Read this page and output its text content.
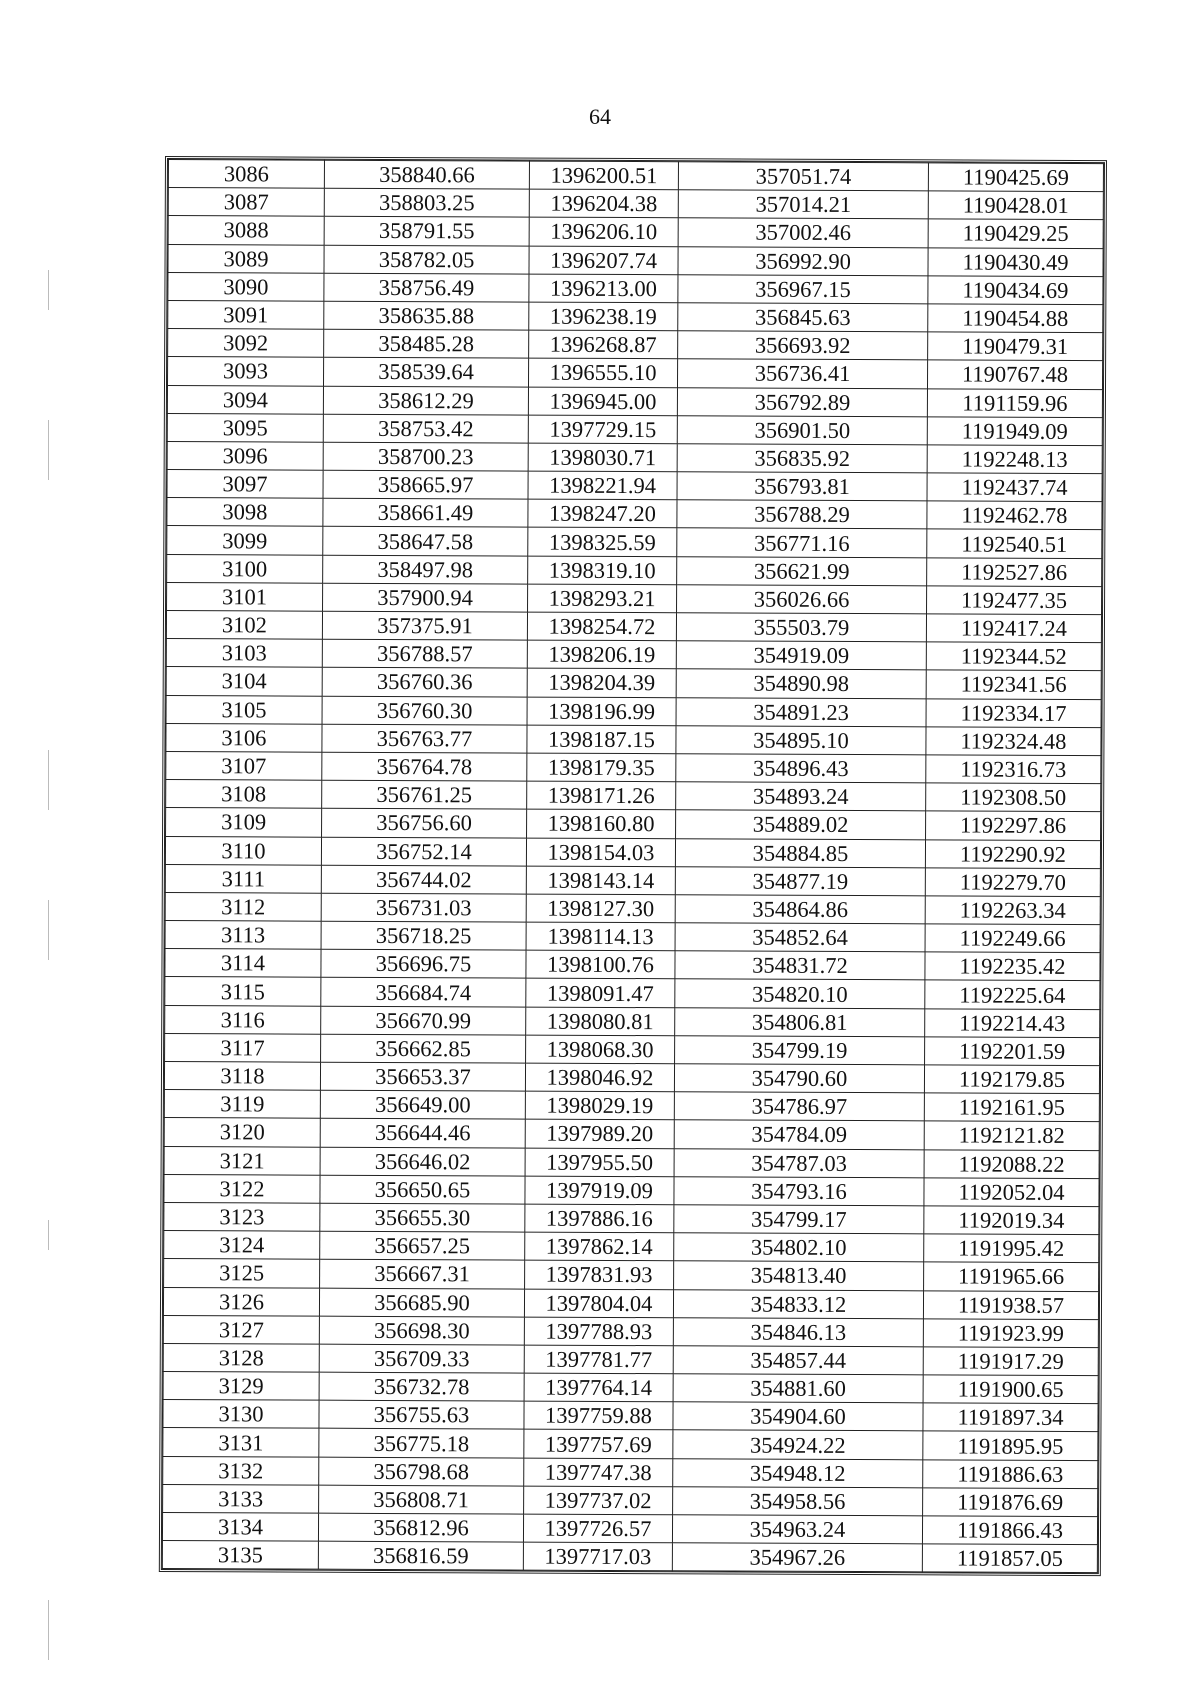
64
3086	358840.66	1396200.51	357051.74	1190425.69
3087	358803.25	1396204.38	357014.21	1190428.01
3088	358791.55	1396206.10	357002.46	1190429.25
3089	358782.05	1396207.74	356992.90	1190430.49
3090	358756.49	1396213.00	356967.15	1190434.69
3091	358635.88	1396238.19	356845.63	1190454.88
3092	358485.28	1396268.87	356693.92	1190479.31
3093	358539.64	1396555.10	356736.41	1190767.48
3094	358612.29	1396945.00	356792.89	1191159.96
3095	358753.42	1397729.15	356901.50	1191949.09
3096	358700.23	1398030.71	356835.92	1192248.13
3097	358665.97	1398221.94	356793.81	1192437.74
3098	358661.49	1398247.20	356788.29	1192462.78
3099	358647.58	1398325.59	356771.16	1192540.51
3100	358497.98	1398319.10	356621.99	1192527.86
3101	357900.94	1398293.21	356026.66	1192477.35
3102	357375.91	1398254.72	355503.79	1192417.24
3103	356788.57	1398206.19	354919.09	1192344.52
3104	356760.36	1398204.39	354890.98	1192341.56
3105	356760.30	1398196.99	354891.23	1192334.17
3106	356763.77	1398187.15	354895.10	1192324.48
3107	356764.78	1398179.35	354896.43	1192316.73
3108	356761.25	1398171.26	354893.24	1192308.50
3109	356756.60	1398160.80	354889.02	1192297.86
3110	356752.14	1398154.03	354884.85	1192290.92
3111	356744.02	1398143.14	354877.19	1192279.70
3112	356731.03	1398127.30	354864.86	1192263.34
3113	356718.25	1398114.13	354852.64	1192249.66
3114	356696.75	1398100.76	354831.72	1192235.42
3115	356684.74	1398091.47	354820.10	1192225.64
3116	356670.99	1398080.81	354806.81	1192214.43
3117	356662.85	1398068.30	354799.19	1192201.59
3118	356653.37	1398046.92	354790.60	1192179.85
3119	356649.00	1398029.19	354786.97	1192161.95
3120	356644.46	1397989.20	354784.09	1192121.82
3121	356646.02	1397955.50	354787.03	1192088.22
3122	356650.65	1397919.09	354793.16	1192052.04
3123	356655.30	1397886.16	354799.17	1192019.34
3124	356657.25	1397862.14	354802.10	1191995.42
3125	356667.31	1397831.93	354813.40	1191965.66
3126	356685.90	1397804.04	354833.12	1191938.57
3127	356698.30	1397788.93	354846.13	1191923.99
3128	356709.33	1397781.77	354857.44	1191917.29
3129	356732.78	1397764.14	354881.60	1191900.65
3130	356755.63	1397759.88	354904.60	1191897.34
3131	356775.18	1397757.69	354924.22	1191895.95
3132	356798.68	1397747.38	354948.12	1191886.63
3133	356808.71	1397737.02	354958.56	1191876.69
3134	356812.96	1397726.57	354963.24	1191866.43
3135	356816.59	1397717.03	354967.26	1191857.05
